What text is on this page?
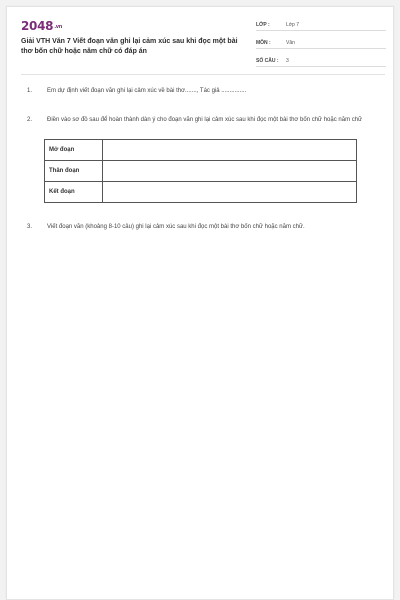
2048.vn
Giải VTH Văn 7 Viết đoạn văn ghi lại cảm xúc sau khi đọc một bài thơ bốn chữ hoặc năm chữ có đáp án
LỚP :	Lớp 7
MÔN :	Văn
SỐ CÂU :	3
1. Em dự định viết đoạn văn ghi lại cảm xúc về bài thơ......., Tác giả ...............
2. Điền vào sơ đồ sau để hoàn thành dàn ý cho đoạn văn ghi lại cảm xúc sau khi đọc một bài thơ bốn chữ hoặc năm chữ
Mở đoạn	
Thân đoạn	
Kết đoạn	
3. Viết đoạn văn (khoảng 8-10 câu) ghi lại cảm xúc sau khi đọc một bài thơ bốn chữ hoặc năm chữ.
